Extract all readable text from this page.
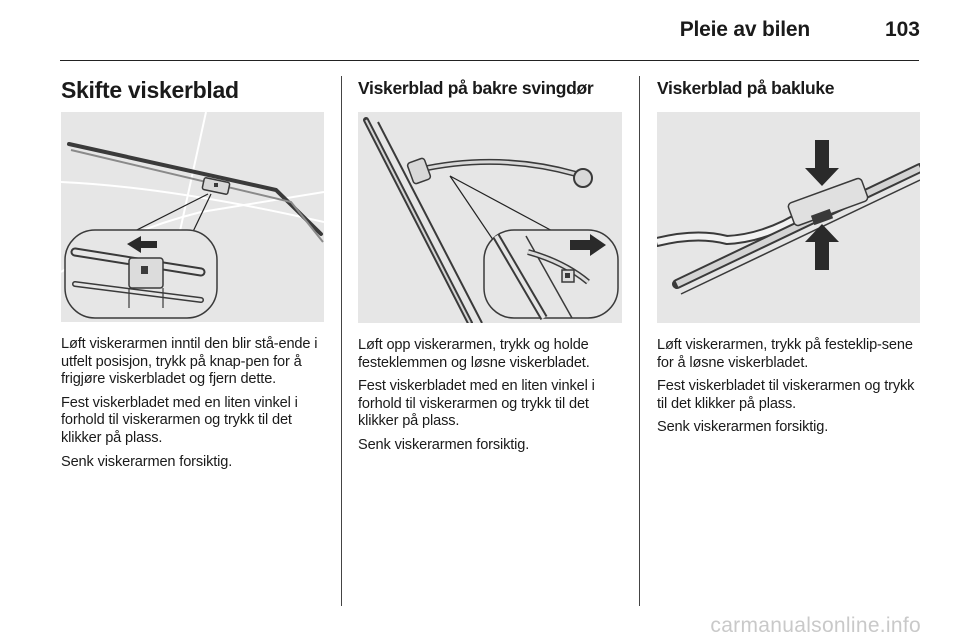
Pleie av bilen	103
Skifte viskerblad

Løft viskerarmen inntil den blir stå-ende i utfelt posisjon, trykk på knap-pen for å frigjøre viskerbladet og fjern dette.

Fest viskerbladet med en liten vinkel i forhold til viskerarmen og trykk til det klikker på plass.

Senk viskerarmen forsiktig.

Viskerblad på bakre svingdør

Løft opp viskerarmen, trykk og holde festeklemmen og løsne viskerbladet.

Fest viskerbladet med en liten vinkel i forhold til viskerarmen og trykk til det klikker på plass.

Senk viskerarmen forsiktig.

Viskerblad på bakluke

Løft viskerarmen, trykk på festeklip-sene for å løsne viskerbladet.

Fest viskerbladet til viskerarmen og trykk til det klikker på plass.

Senk viskerarmen forsiktig.

carmanualsonline.info
